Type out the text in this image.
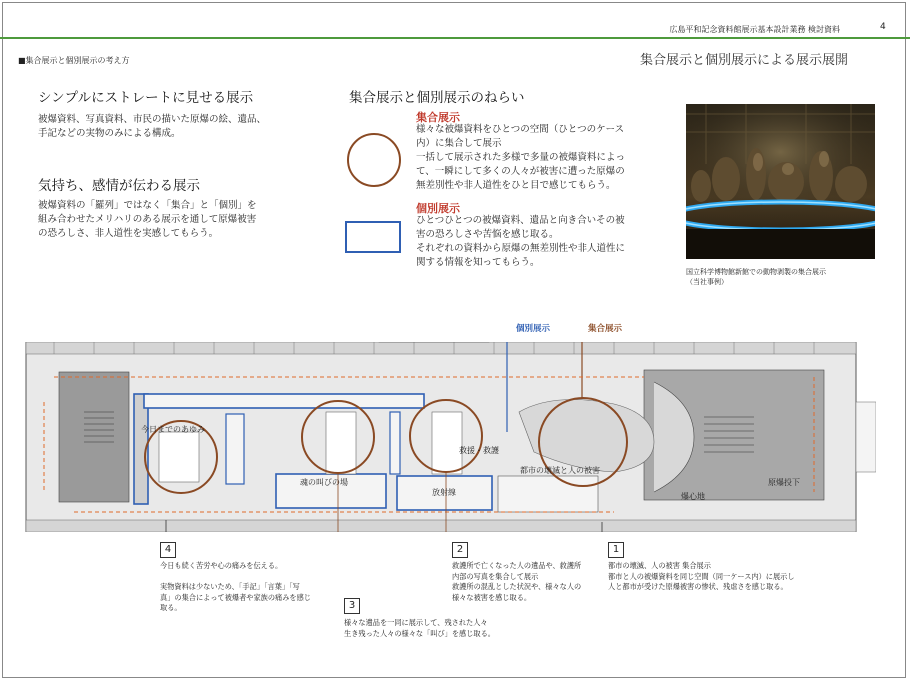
広島平和記念資料館展示基本設計業務 検討資料	4
■集合展示と個別展示の考え方	集合展示と個別展示による展示展開
シンプルにストレートに見せる展示
被爆資料、写真資料、市民の描いた原爆の絵、遺品、
手記などの実物のみによる構成。
気持ち、感情が伝わる展示
被爆資料の「羅列」ではなく「集合」と「個別」を
組み合わせたメリハリのある展示を通して原爆被害
の恐ろしさ、非人道性を実感してもらう。
集合展示と個別展示のねらい
集合展示
様々な被爆資料をひとつの空間（ひとつのケース
内）に集合して展示
一括して展示された多様で多量の被爆資料によっ
て、一瞬にして多くの人々が被害に遭った原爆の
無差別性や非人道性をひと目で感じてもらう。
個別展示
ひとつひとつの被爆資料、遺品と向き合いその被
害の恐ろしさや苦悩を感じ取る。
それぞれの資料から原爆の無差別性や非人道性に
関する情報を知ってもらう。
国立科学博物館新館での動物剥製の集合展示
（当社事例）
個別展示	集合展示
今日までのあゆみ
魂の叫びの場
救援・救護
放射線
都市の壊滅と人の被害
爆心地
原爆投下
4
今日も続く苦労や心の痛みを伝える。

実物資料は少ないため、「手記」「言葉」「写
真」の集合によって被爆者や家族の痛みを感じ
取る。	3
様々な遺品を一同に展示して、残された人々
生き残った人々の様々な「叫び」を感じ取る。
2
救護所で亡くなった人の遺品や、救護所
内部の写真を集合して展示
救護所の混乱とした状況や、様々な人の
様々な被害を感じ取る。
1
都市の壊滅、人の被害 集合展示
都市と人の被爆資料を同じ空間（同一ケース内）に展示し
人と都市が受けた原爆被害の惨状、残虐さを感じ取る。
